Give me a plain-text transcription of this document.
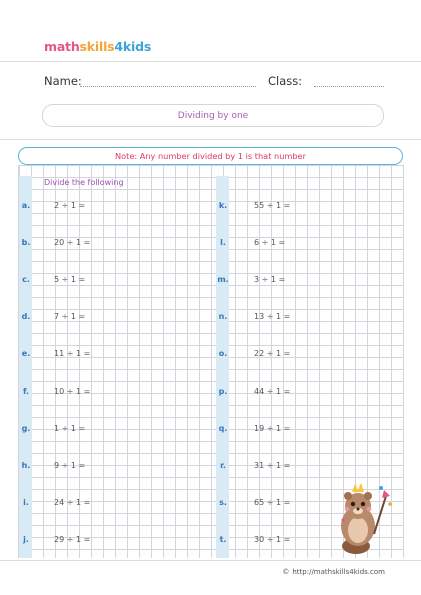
mathskills4kids
Name:	Class:
Dividing by one
Note: Any number divided by 1 is that number
Divide the following
a.	2 ÷ 1 =
b.	20 ÷ 1 =
c.	5 ÷ 1 =
d.	7 ÷ 1 =
e.	11 ÷ 1 =
f.	10 ÷ 1 =
g.	1 ÷ 1 =
h.	9 ÷ 1 =
i.	24 ÷ 1 =
j.	29 ÷ 1 =
k.	55 ÷ 1 =
l.	6 ÷ 1 =
m.	3 ÷ 1 =
n.	13 ÷ 1 =
o.	22 ÷ 1 =
p.	44 ÷ 1 =
q.	19 ÷ 1 =
r.	31 ÷ 1 =
s.	65 ÷ 1 =
t.	30 ÷ 1 =
© http://mathskills4kids.com
